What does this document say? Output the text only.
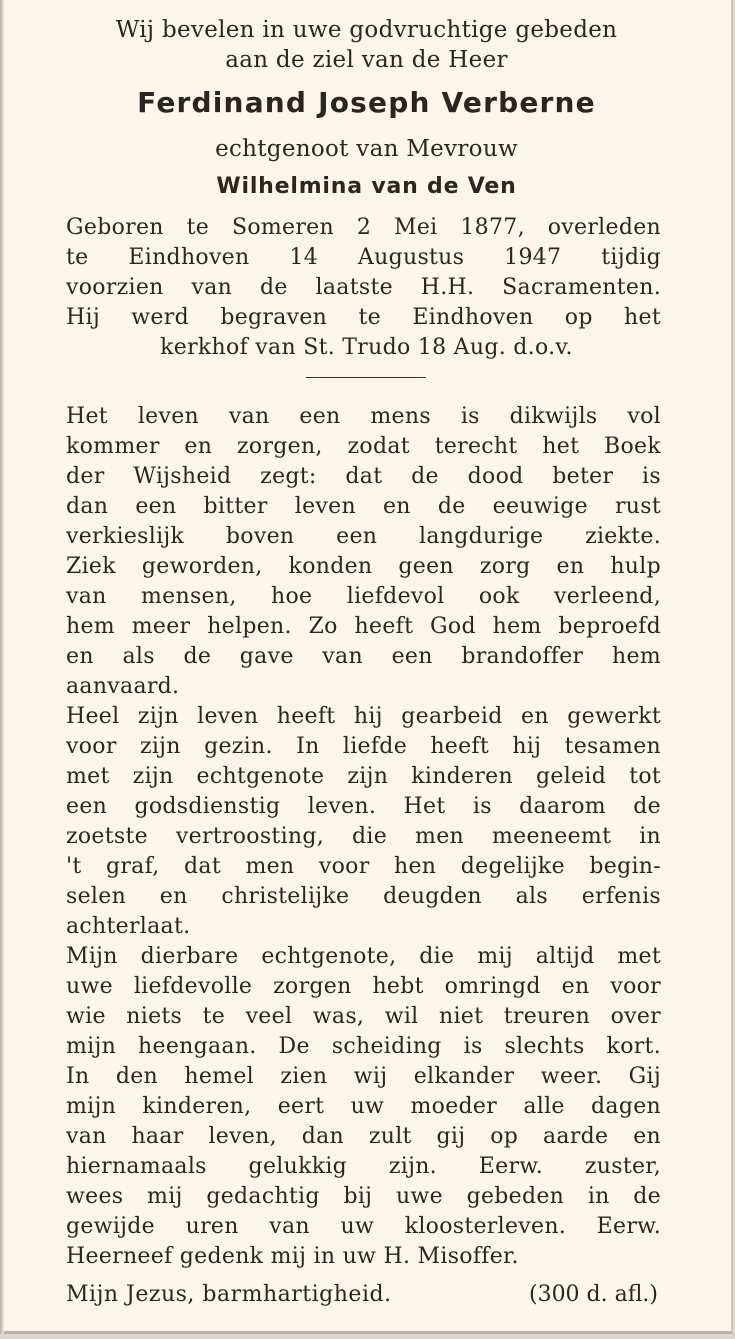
Wij bevelen in uwe godvruchtige gebeden
aan de ziel van de Heer
Ferdinand Joseph Verberne
echtgenoot van Mevrouw
Wilhelmina van de Ven
Geboren te Someren 2 Mei 1877, overleden
te Eindhoven 14 Augustus 1947 tijdig
voorzien van de laatste H.H. Sacramenten.
Hij werd begraven te Eindhoven op het
kerkhof van St. Trudo 18 Aug. d.o.v.
Het leven van een mens is dikwijls vol
kommer en zorgen, zodat terecht het Boek
der Wijsheid zegt: dat de dood beter is
dan een bitter leven en de eeuwige rust
verkieslijk boven een langdurige ziekte.
Ziek geworden, konden geen zorg en hulp
van mensen, hoe liefdevol ook verleend,
hem meer helpen. Zo heeft God hem beproefd
en als de gave van een brandoffer hem
aanvaard.
Heel zijn leven heeft hij gearbeid en gewerkt
voor zijn gezin. In liefde heeft hij tesamen
met zijn echtgenote zijn kinderen geleid tot
een godsdienstig leven. Het is daarom de
zoetste vertroosting, die men meeneemt in
't graf, dat men voor hen degelijke begin-
selen en christelijke deugden als erfenis
achterlaat.
Mijn dierbare echtgenote, die mij altijd met
uwe liefdevolle zorgen hebt omringd en voor
wie niets te veel was, wil niet treuren over
mijn heengaan. De scheiding is slechts kort.
In den hemel zien wij elkander weer. Gij
mijn kinderen, eert uw moeder alle dagen
van haar leven, dan zult gij op aarde en
hiernamaals gelukkig zijn. Eerw. zuster,
wees mij gedachtig bij uwe gebeden in de
gewijde uren van uw kloosterleven. Eerw.
Heerneef gedenk mij in uw H. Misoffer.
Mijn Jezus, barmhartigheid.	(300 d. afl.)
